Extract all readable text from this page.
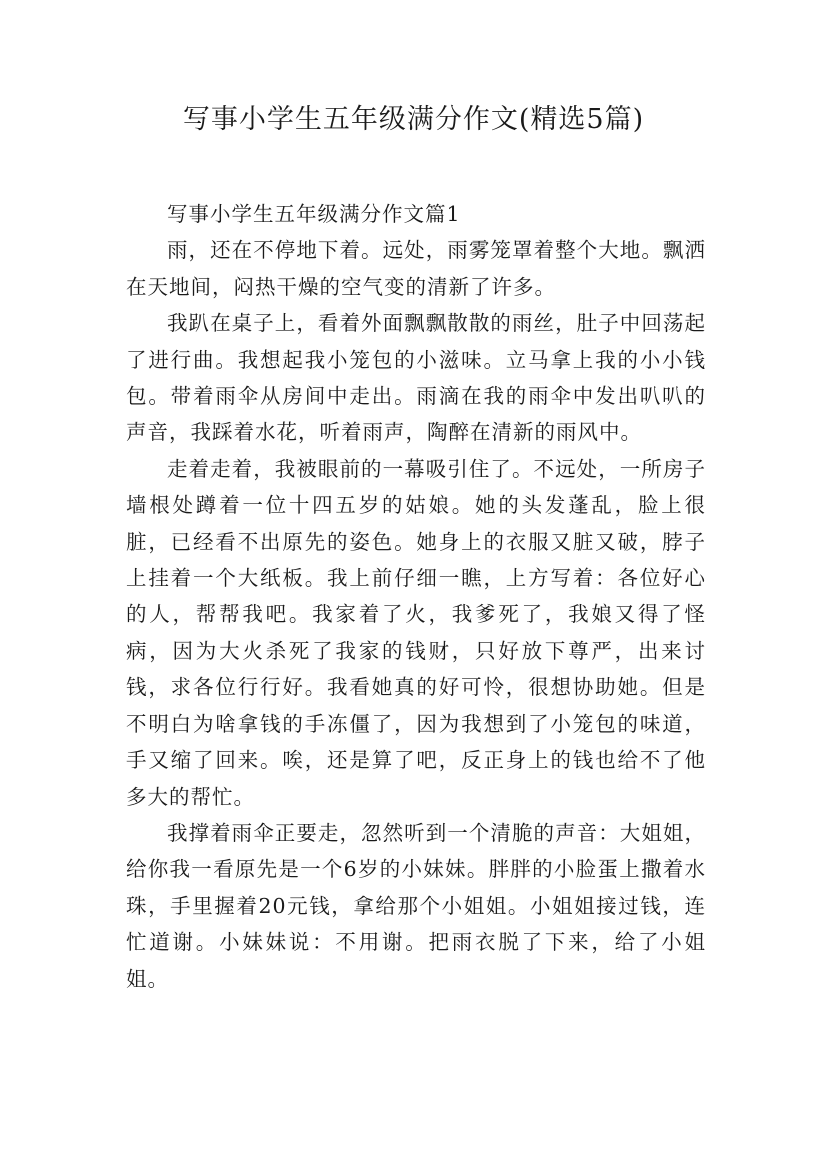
写事小学生五年级满分作文(精选5篇)
写事小学生五年级满分作文篇1

雨，还在不停地下着。远处，雨雾笼罩着整个大地。飘洒在天地间，闷热干燥的空气变的清新了许多。

我趴在桌子上，看着外面飘飘散散的雨丝，肚子中回荡起了进行曲。我想起我小笼包的小滋味。立马拿上我的小小钱包。带着雨伞从房间中走出。雨滴在我的雨伞中发出叭叭的声音，我踩着水花，听着雨声，陶醉在清新的雨风中。

走着走着，我被眼前的一幕吸引住了。不远处，一所房子墙根处蹲着一位十四五岁的姑娘。她的头发蓬乱，脸上很脏，已经看不出原先的姿色。她身上的衣服又脏又破，脖子上挂着一个大纸板。我上前仔细一瞧，上方写着：各位好心的人，帮帮我吧。我家着了火，我爹死了，我娘又得了怪病，因为大火杀死了我家的钱财，只好放下尊严，出来讨钱，求各位行行好。我看她真的好可怜，很想协助她。但是不明白为啥拿钱的手冻僵了，因为我想到了小笼包的味道，手又缩了回来。唉，还是算了吧，反正身上的钱也给不了他多大的帮忙。

我撑着雨伞正要走，忽然听到一个清脆的声音：大姐姐，给你我一看原先是一个6岁的小妹妹。胖胖的小脸蛋上撒着水珠，手里握着20元钱，拿给那个小姐姐。小姐姐接过钱，连忙道谢。小妹妹说：不用谢。把雨衣脱了下来，给了小姐姐。
